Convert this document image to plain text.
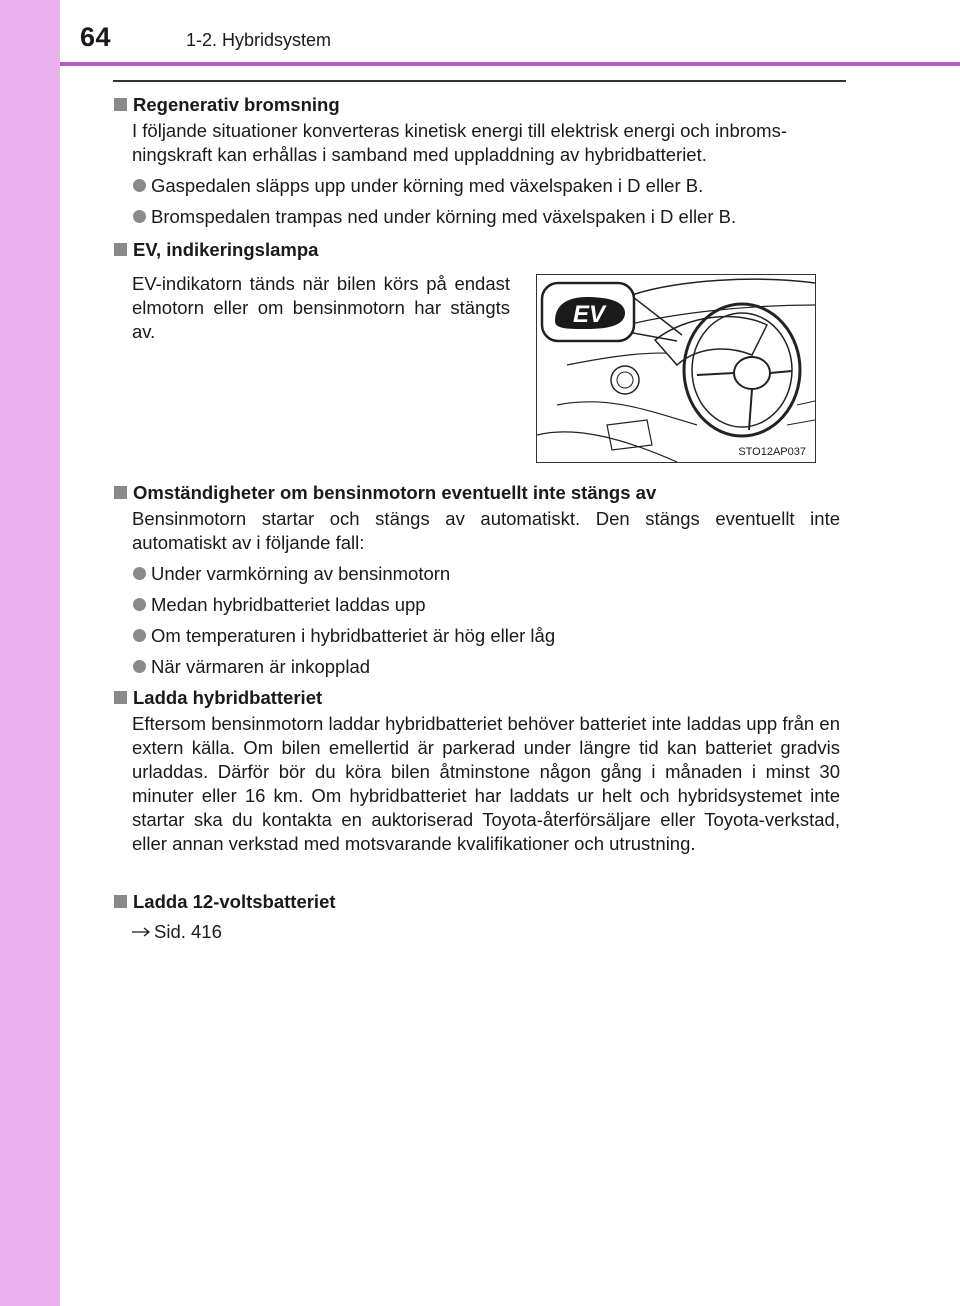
64	1-2. Hybridsystem
Regenerativ bromsning
I följande situationer konverteras kinetisk energi till elektrisk energi och inbroms-
ningskraft kan erhållas i samband med uppladdning av hybridbatteriet.
Gaspedalen släpps upp under körning med växelspaken i D eller B.
Bromspedalen trampas ned under körning med växelspaken i D eller B.
EV, indikeringslampa
EV-indikatorn tänds när bilen körs på endast elmotorn eller om bensinmotorn har stängts av.
EV
STO12AP037
Omständigheter om bensinmotorn eventuellt inte stängs av
Bensinmotorn startar och stängs av automatiskt. Den stängs eventuellt inte automatiskt av i följande fall:
Under varmkörning av bensinmotorn
Medan hybridbatteriet laddas upp
Om temperaturen i hybridbatteriet är hög eller låg
När värmaren är inkopplad
Ladda hybridbatteriet
Eftersom bensinmotorn laddar hybridbatteriet behöver batteriet inte laddas upp från en extern källa. Om bilen emellertid är parkerad under längre tid kan batteriet gradvis urladdas. Därför bör du köra bilen åtminstone någon gång i månaden i minst 30 minuter eller 16 km. Om hybridbatteriet har laddats ur helt och hybridsystemet inte startar ska du kontakta en auktoriserad Toyota-återförsäljare eller Toyota-verkstad, eller annan verkstad med motsvarande kvalifikationer och utrustning.
Ladda 12-voltsbatteriet
Sid. 416
